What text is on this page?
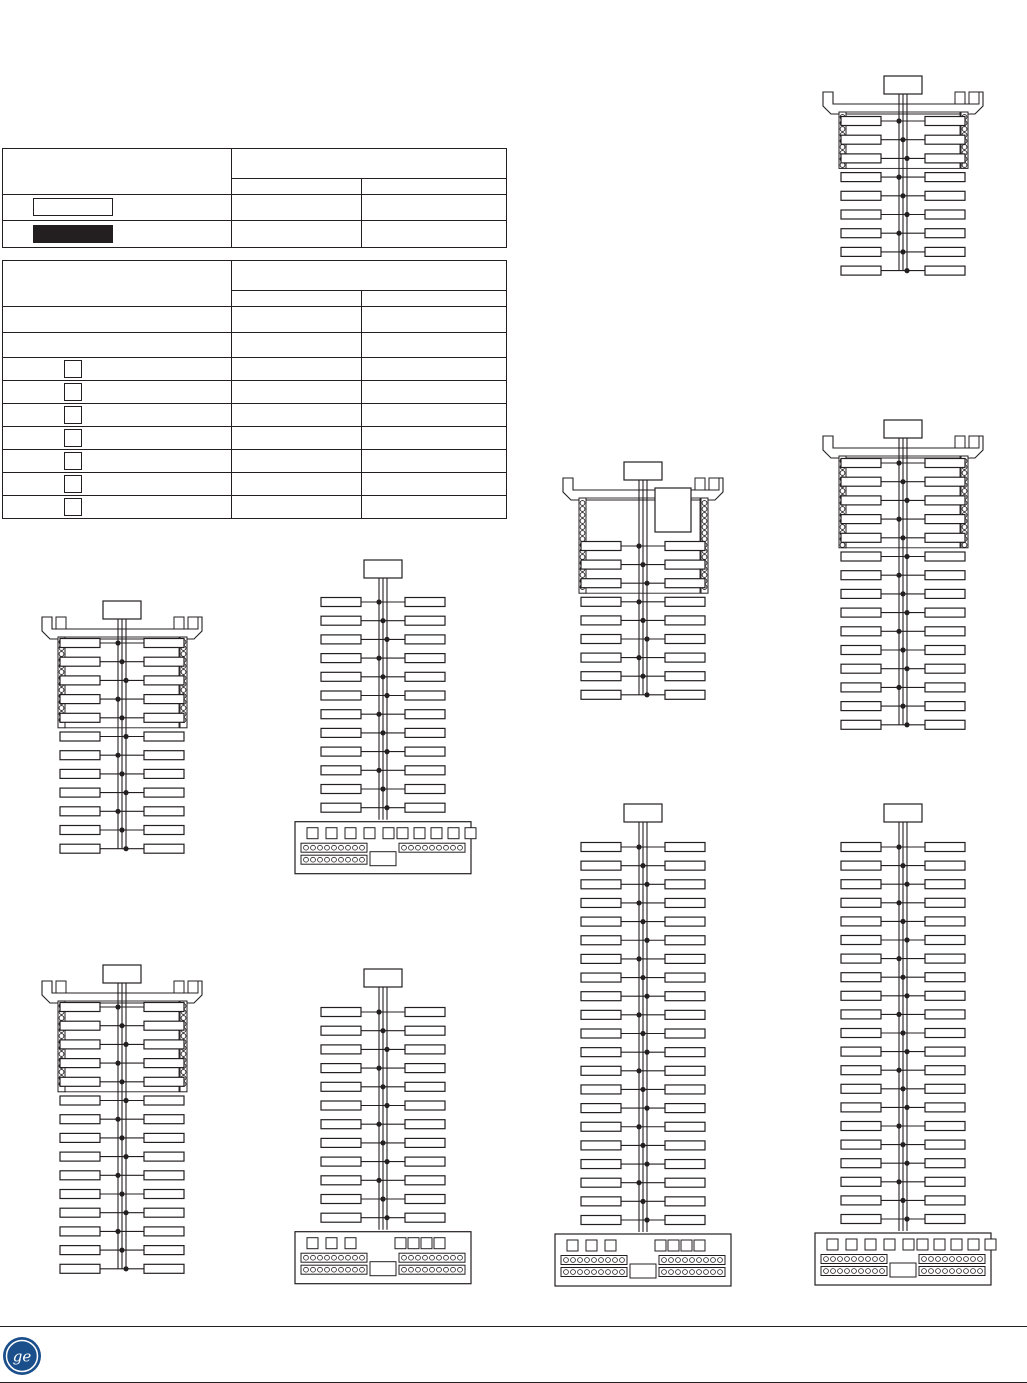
ge
